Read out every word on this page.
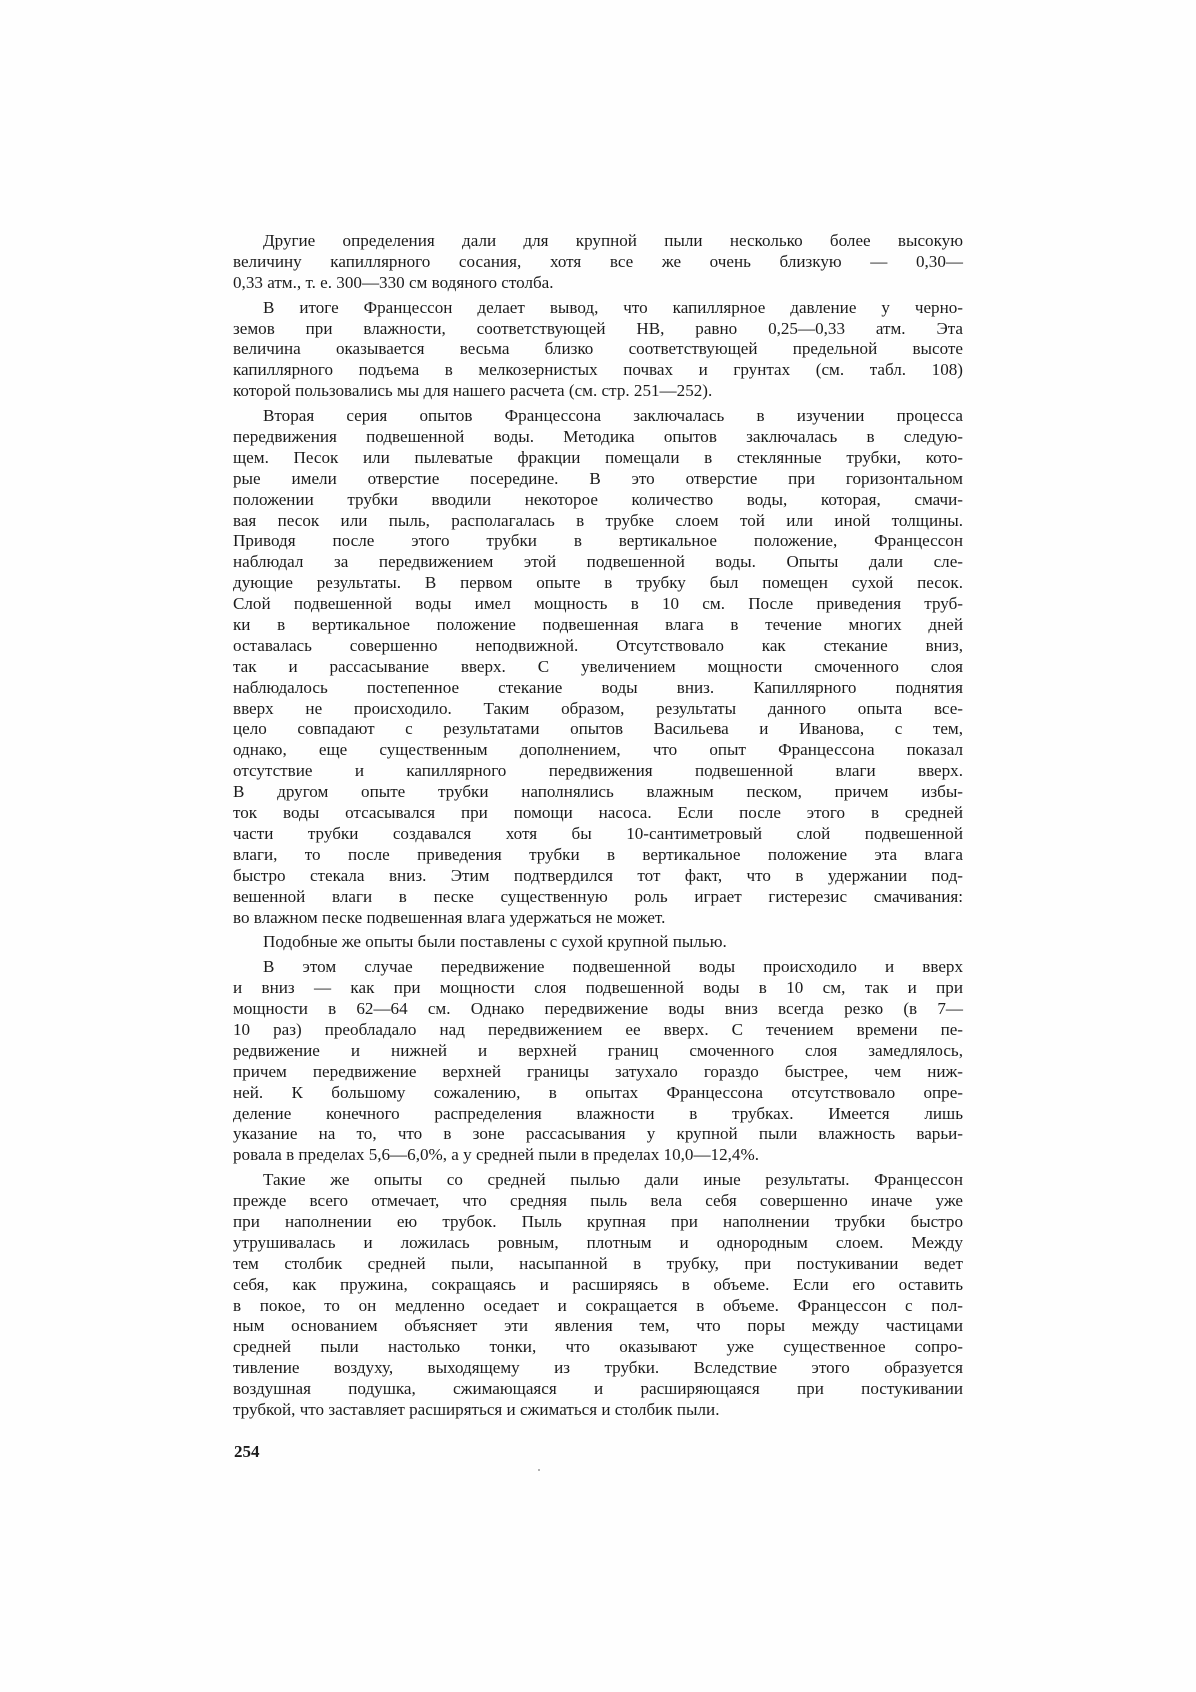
Другие определения дали для крупной пыли несколько более высокую
величину капиллярного сосания, хотя все же очень близкую — 0,30—
0,33 атм., т. е. 300—330 см водяного столба.
В итоге Францессон делает вывод, что капиллярное давление у черно-
земов при влажности, соответствующей НВ, равно 0,25—0,33 атм. Эта
величина оказывается весьма близко соответствующей предельной высоте
капиллярного подъема в мелкозернистых почвах и грунтах (см. табл. 108)
которой пользовались мы для нашего расчета (см. стр. 251—252).
Вторая серия опытов Францессона заключалась в изучении процесса
передвижения подвешенной воды. Методика опытов заключалась в следую-
щем. Песок или пылеватые фракции помещали в стеклянные трубки, кото-
рые имели отверстие посередине. В это отверстие при горизонтальном
положении трубки вводили некоторое количество воды, которая, смачи-
вая песок или пыль, располагалась в трубке слоем той или иной толщины.
Приводя после этого трубки в вертикальное положение, Францессон
наблюдал за передвижением этой подвешенной воды. Опыты дали сле-
дующие результаты. В первом опыте в трубку был помещен сухой песок.
Слой подвешенной воды имел мощность в 10 см. После приведения труб-
ки в вертикальное положение подвешенная влага в течение многих дней
оставалась совершенно неподвижной. Отсутствовало как стекание вниз,
так и рассасывание вверх. С увеличением мощности смоченного слоя
наблюдалось постепенное стекание воды вниз. Капиллярного поднятия
вверх не происходило. Таким образом, результаты данного опыта все-
цело совпадают с результатами опытов Васильева и Иванова, с тем,
однако, еще существенным дополнением, что опыт Францессона показал
отсутствие и капиллярного передвижения подвешенной влаги вверх.
В другом опыте трубки наполнялись влажным песком, причем избы-
ток воды отсасывался при помощи насоса. Если после этого в средней
части трубки создавался хотя бы 10-сантиметровый слой подвешенной
влаги, то после приведения трубки в вертикальное положение эта влага
быстро стекала вниз. Этим подтвердился тот факт, что в удержании под-
вешенной влаги в песке существенную роль играет гистерезис смачивания:
во влажном песке подвешенная влага удержаться не может.
Подобные же опыты были поставлены с сухой крупной пылью.
В этом случае передвижение подвешенной воды происходило и вверх
и вниз — как при мощности слоя подвешенной воды в 10 см, так и при
мощности в 62—64 см. Однако передвижение воды вниз всегда резко (в 7—
10 раз) преобладало над передвижением ее вверх. С течением времени пе-
редвижение и нижней и верхней границ смоченного слоя замедлялось,
причем передвижение верхней границы затухало гораздо быстрее, чем ниж-
ней. К большому сожалению, в опытах Францессона отсутствовало опре-
деление конечного распределения влажности в трубках. Имеется лишь
указание на то, что в зоне рассасывания у крупной пыли влажность варьи-
ровала в пределах 5,6—6,0%, а у средней пыли в пределах 10,0—12,4%.
Такие же опыты со средней пылью дали иные результаты. Францессон
прежде всего отмечает, что средняя пыль вела себя совершенно иначе уже
при наполнении ею трубок. Пыль крупная при наполнении трубки быстро
утрушивалась и ложилась ровным, плотным и однородным слоем. Между
тем столбик средней пыли, насыпанной в трубку, при постукивании ведет
себя, как пружина, сокращаясь и расширяясь в объеме. Если его оставить
в покое, то он медленно оседает и сокращается в объеме. Францессон с пол-
ным основанием объясняет эти явления тем, что поры между частицами
средней пыли настолько тонки, что оказывают уже существенное сопро-
тивление воздуху, выходящему из трубки. Вследствие этого образуется
воздушная подушка, сжимающаяся и расширяющаяся при постукивании
трубкой, что заставляет расширяться и сжиматься и столбик пыли.
254
